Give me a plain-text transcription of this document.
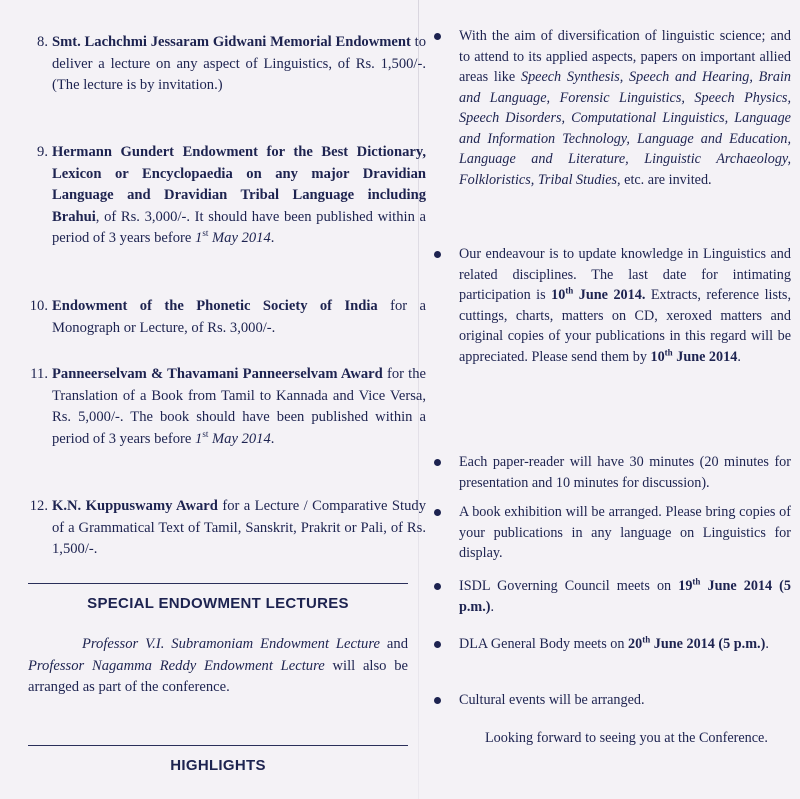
8. Smt. Lachchmi Jessaram Gidwani Memorial Endowment to deliver a lecture on any aspect of Linguistics, of Rs. 1,500/-. (The lecture is by invitation.)
9. Hermann Gundert Endowment for the Best Dictionary, Lexicon or Encyclopaedia on any major Dravidian Language and Dravidian Tribal Language including Brahui, of Rs. 3,000/-. It should have been published within a period of 3 years before 1st May 2014.
10. Endowment of the Phonetic Society of India for a Monograph or Lecture, of Rs. 3,000/-.
11. Panneerselvam & Thavamani Panneerselvam Award for the Translation of a Book from Tamil to Kannada and Vice Versa, Rs. 5,000/-. The book should have been published within a period of 3 years before 1st May 2014.
12. K.N. Kuppuswamy Award for a Lecture / Comparative Study of a Grammatical Text of Tamil, Sanskrit, Prakrit or Pali, of Rs. 1,500/-.
SPECIAL ENDOWMENT LECTURES
Professor V.I. Subramoniam Endowment Lecture and Professor Nagamma Reddy Endowment Lecture will also be arranged as part of the conference.
HIGHLIGHTS
With the aim of diversification of linguistic science; and to attend to its applied aspects, papers on important allied areas like Speech Synthesis, Speech and Hearing, Brain and Language, Forensic Linguistics, Speech Physics, Speech Disorders, Computational Linguistics, Language and Information Technology, Language and Education, Language and Literature, Linguistic Archaeology, Folkloristics, Tribal Studies, etc. are invited.
Our endeavour is to update knowledge in Linguistics and related disciplines. The last date for intimating participation is 10th June 2014. Extracts, reference lists, cuttings, charts, matters on CD, xeroxed matters and original copies of your publications in this regard will be appreciated. Please send them by 10th June 2014.
Each paper-reader will have 30 minutes (20 minutes for presentation and 10 minutes for discussion).
A book exhibition will be arranged. Please bring copies of your publications in any language on Linguistics for display.
ISDL Governing Council meets on 19th June 2014 (5 p.m.).
DLA General Body meets on 20th June 2014 (5 p.m.).
Cultural events will be arranged.
Looking forward to seeing you at the Conference.
